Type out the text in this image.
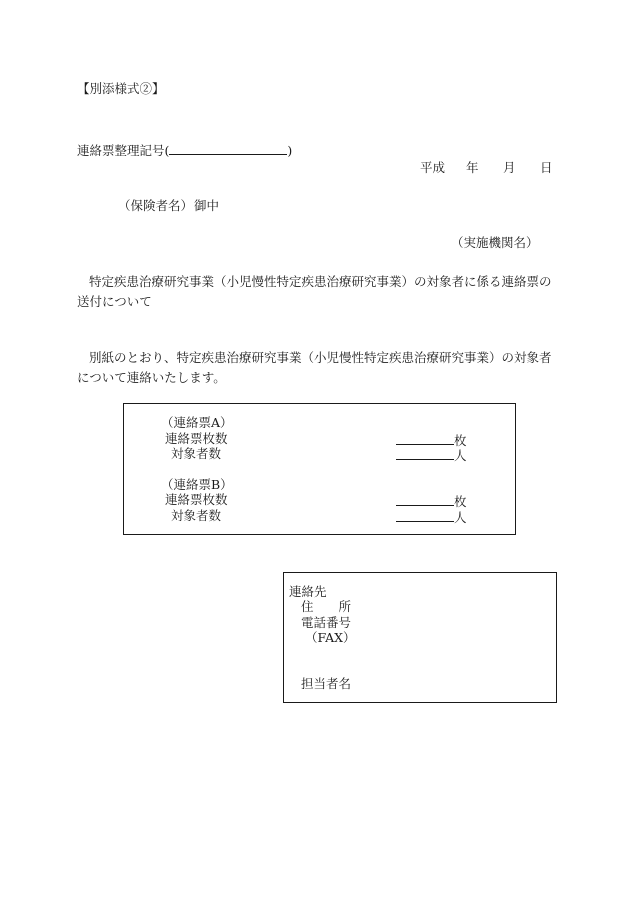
【別添様式②】
連絡票整理記号(	)
平成 年 月 日
（保険者名） 御中
（実施機関名）
特定疾患治療研究事業（小児慢性特定疾患治療研究事業）の対象者に係る連絡票の送付について
別紙のとおり、特定疾患治療研究事業（小児慢性特定疾患治療研究事業）の対象者について連絡いたします。
（連絡票A）
連絡票枚数	枚
対象者数	人
（連絡票B）
連絡票枚数	枚
対象者数	人
連絡先
住　　所
電話番号
（FAX）
担当者名
